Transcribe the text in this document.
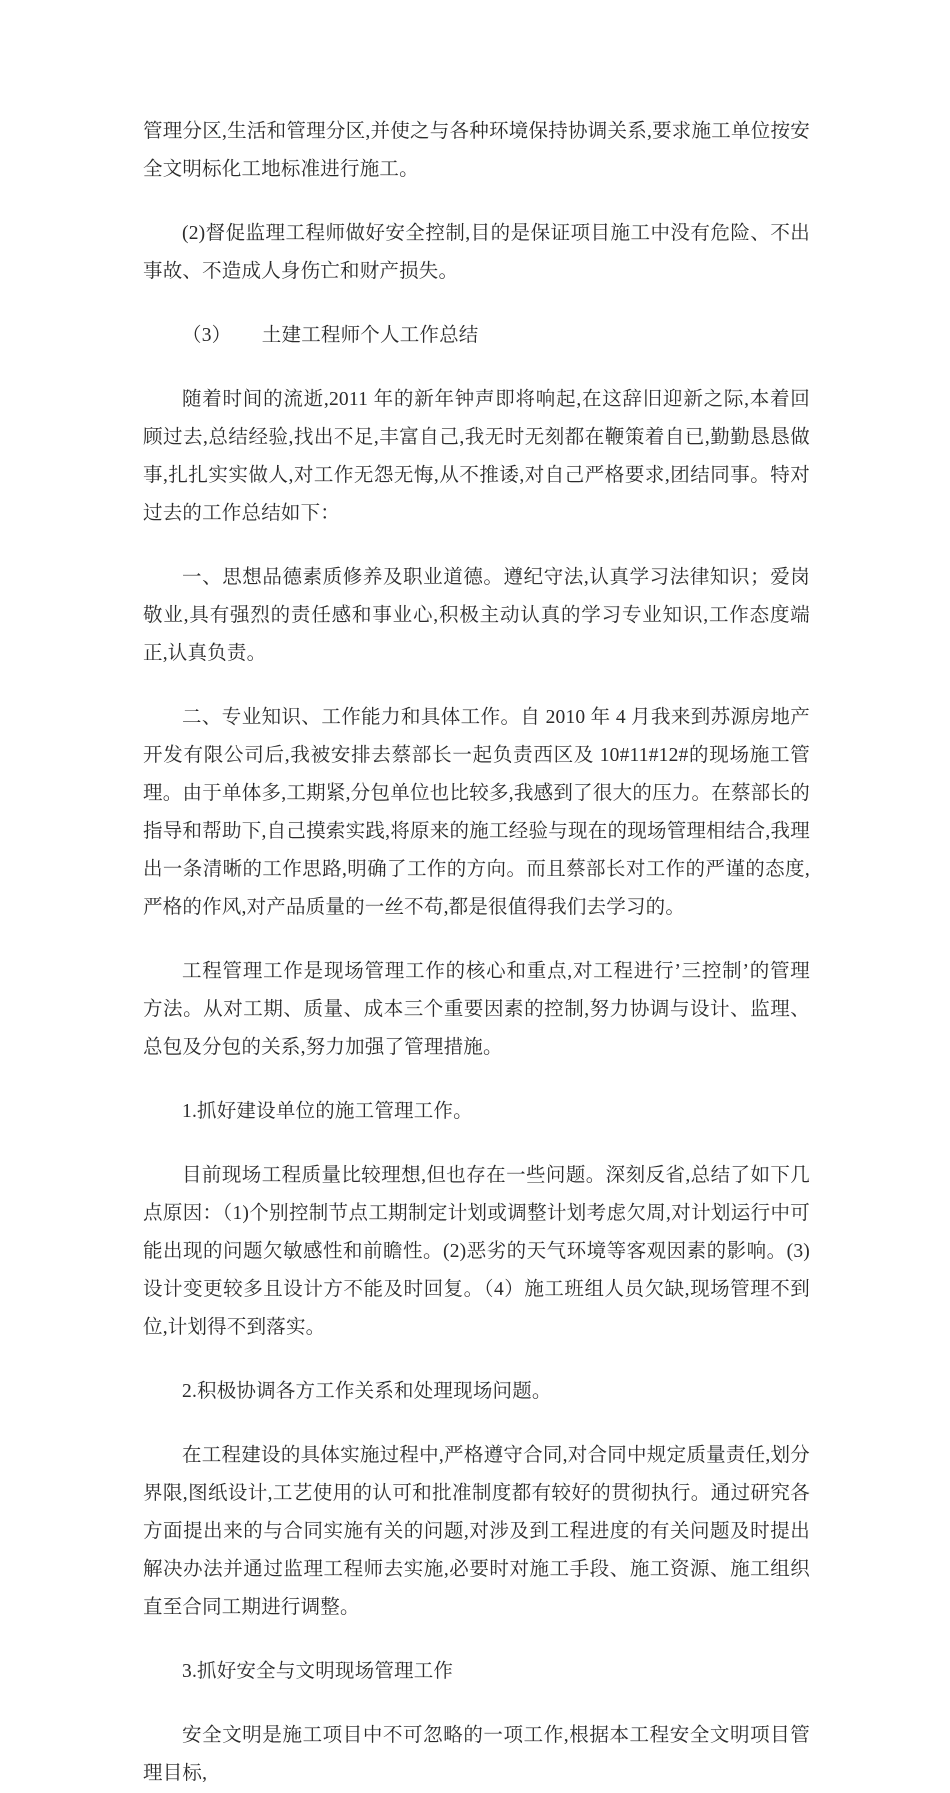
管理分区,生活和管理分区,并使之与各种环境保持协调关系,要求施工单位按安全文明标化工地标准进行施工。

(2)督促监理工程师做好安全控制,目的是保证项目施工中没有危险、不出事故、不造成人身伤亡和财产损失。

（3）      土建工程师个人工作总结

随着时间的流逝,2011 年的新年钟声即将响起,在这辞旧迎新之际,本着回顾过去,总结经验,找出不足,丰富自己,我无时无刻都在鞭策着自已,勤勤恳恳做事,扎扎实实做人,对工作无怨无悔,从不推诿,对自己严格要求,团结同事。特对过去的工作总结如下：

一、思想品德素质修养及职业道德。遵纪守法,认真学习法律知识；爱岗敬业,具有强烈的责任感和事业心,积极主动认真的学习专业知识,工作态度端正,认真负责。

二、专业知识、工作能力和具体工作。自 2010 年 4 月我来到苏源房地产开发有限公司后,我被安排去蔡部长一起负责西区及 10#11#12#的现场施工管理。由于单体多,工期紧,分包单位也比较多,我感到了很大的压力。在蔡部长的指导和帮助下,自己摸索实践,将原来的施工经验与现在的现场管理相结合,我理出一条清晰的工作思路,明确了工作的方向。而且蔡部长对工作的严谨的态度,严格的作风,对产品质量的一丝不苟,都是很值得我们去学习的。

工程管理工作是现场管理工作的核心和重点,对工程进行’三控制’的管理方法。从对工期、质量、成本三个重要因素的控制,努力协调与设计、监理、总包及分包的关系,努力加强了管理措施。

1.抓好建设单位的施工管理工作。

目前现场工程质量比较理想,但也存在一些问题。深刻反省,总结了如下几点原因：（1)个别控制节点工期制定计划或调整计划考虑欠周,对计划运行中可能出现的问题欠敏感性和前瞻性。(2)恶劣的天气环境等客观因素的影响。(3)设计变更较多且设计方不能及时回复。（4）施工班组人员欠缺,现场管理不到位,计划得不到落实。

2.积极协调各方工作关系和处理现场问题。

在工程建设的具体实施过程中,严格遵守合同,对合同中规定质量责任,划分界限,图纸设计,工艺使用的认可和批准制度都有较好的贯彻执行。通过研究各方面提出来的与合同实施有关的问题,对涉及到工程进度的有关问题及时提出解决办法并通过监理工程师去实施,必要时对施工手段、施工资源、施工组织直至合同工期进行调整。

3.抓好安全与文明现场管理工作

安全文明是施工项目中不可忽略的一项工作,根据本工程安全文明项目管理目标,
